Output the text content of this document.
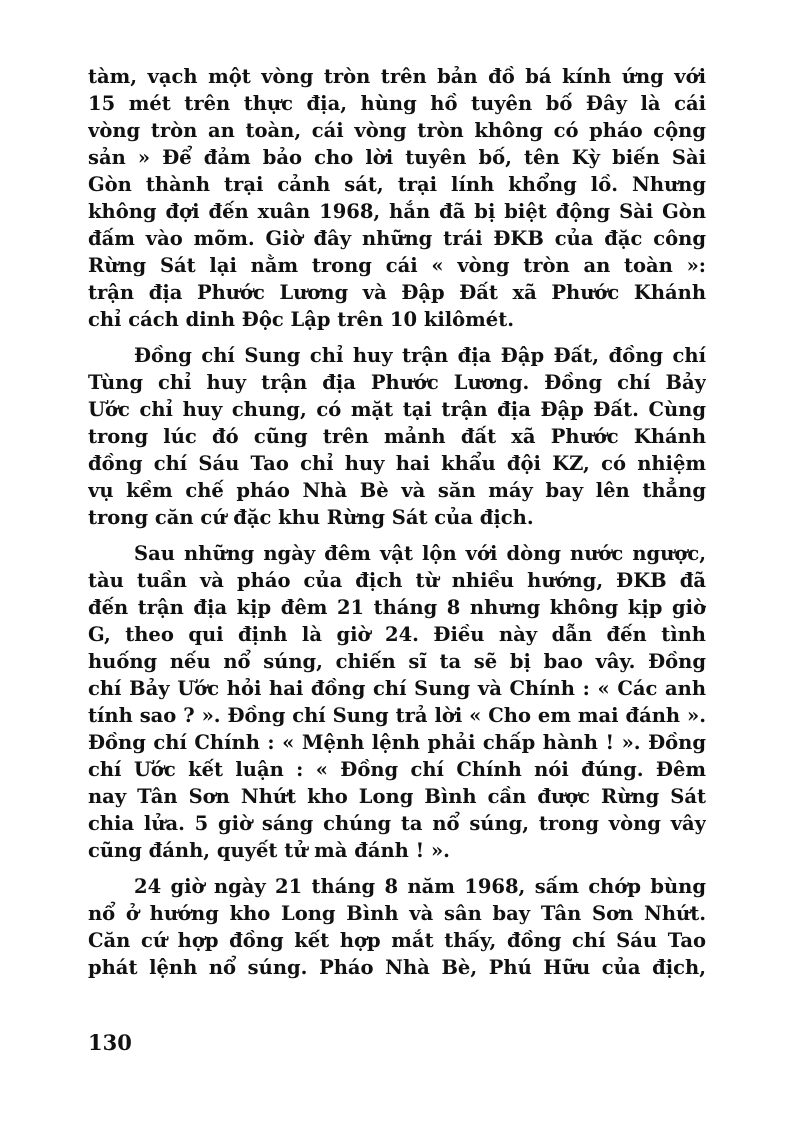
tàm, vạch một vòng tròn trên bản đồ bá kính ứng với
15 mét trên thực địa, hùng hồ tuyên bố Đây là cái
vòng tròn an toàn, cái vòng tròn không có pháo cộng
sản » Để đảm bảo cho lời tuyên bố, tên Kỳ biến Sài
Gòn thành trại cảnh sát, trại lính khổng lồ. Nhưng
không đợi đến xuân 1968, hắn đã bị biệt động Sài Gòn
đấm vào mõm. Giờ đây những trái ĐKB của đặc công
Rừng Sát lại nằm trong cái « vòng tròn an toàn »:
trận địa Phước Lương và Đập Đất xã Phước Khánh
chỉ cách dinh Độc Lập trên 10 kilômét.
Đồng chí Sung chỉ huy trận địa Đập Đất, đồng chí
Tùng chỉ huy trận địa Phước Lương. Đồng chí Bảy
Ước chỉ huy chung, có mặt tại trận địa Đập Đất. Cùng
trong lúc đó cũng trên mảnh đất xã Phước Khánh
đồng chí Sáu Tao chỉ huy hai khẩu đội KZ, có nhiệm
vụ kềm chế pháo Nhà Bè và săn máy bay lên thẳng
trong căn cứ đặc khu Rừng Sát của địch.
Sau những ngày đêm vật lộn với dòng nước ngược,
tàu tuần và pháo của địch từ nhiều hướng, ĐKB đã
đến trận địa kịp đêm 21 tháng 8 nhưng không kịp giờ
G, theo qui định là giờ 24. Điều này dẫn đến tình
huống nếu nổ súng, chiến sĩ ta sẽ bị bao vây. Đồng
chí Bảy Ước hỏi hai đồng chí Sung và Chính : « Các anh
tính sao ? ». Đồng chí Sung trả lời « Cho em mai đánh ».
Đồng chí Chính : « Mệnh lệnh phải chấp hành ! ». Đồng
chí Ước kết luận : « Đồng chí Chính nói đúng. Đêm
nay Tân Sơn Nhứt kho Long Bình cần được Rừng Sát
chia lửa. 5 giờ sáng chúng ta nổ súng, trong vòng vây
cũng đánh, quyết tử mà đánh ! ».
24 giờ ngày 21 tháng 8 năm 1968, sấm chớp bùng
nổ ở hướng kho Long Bình và sân bay Tân Sơn Nhứt.
Căn cứ hợp đồng kết hợp mắt thấy, đồng chí Sáu Tao
phát lệnh nổ súng. Pháo Nhà Bè, Phú Hữu của địch,
130
